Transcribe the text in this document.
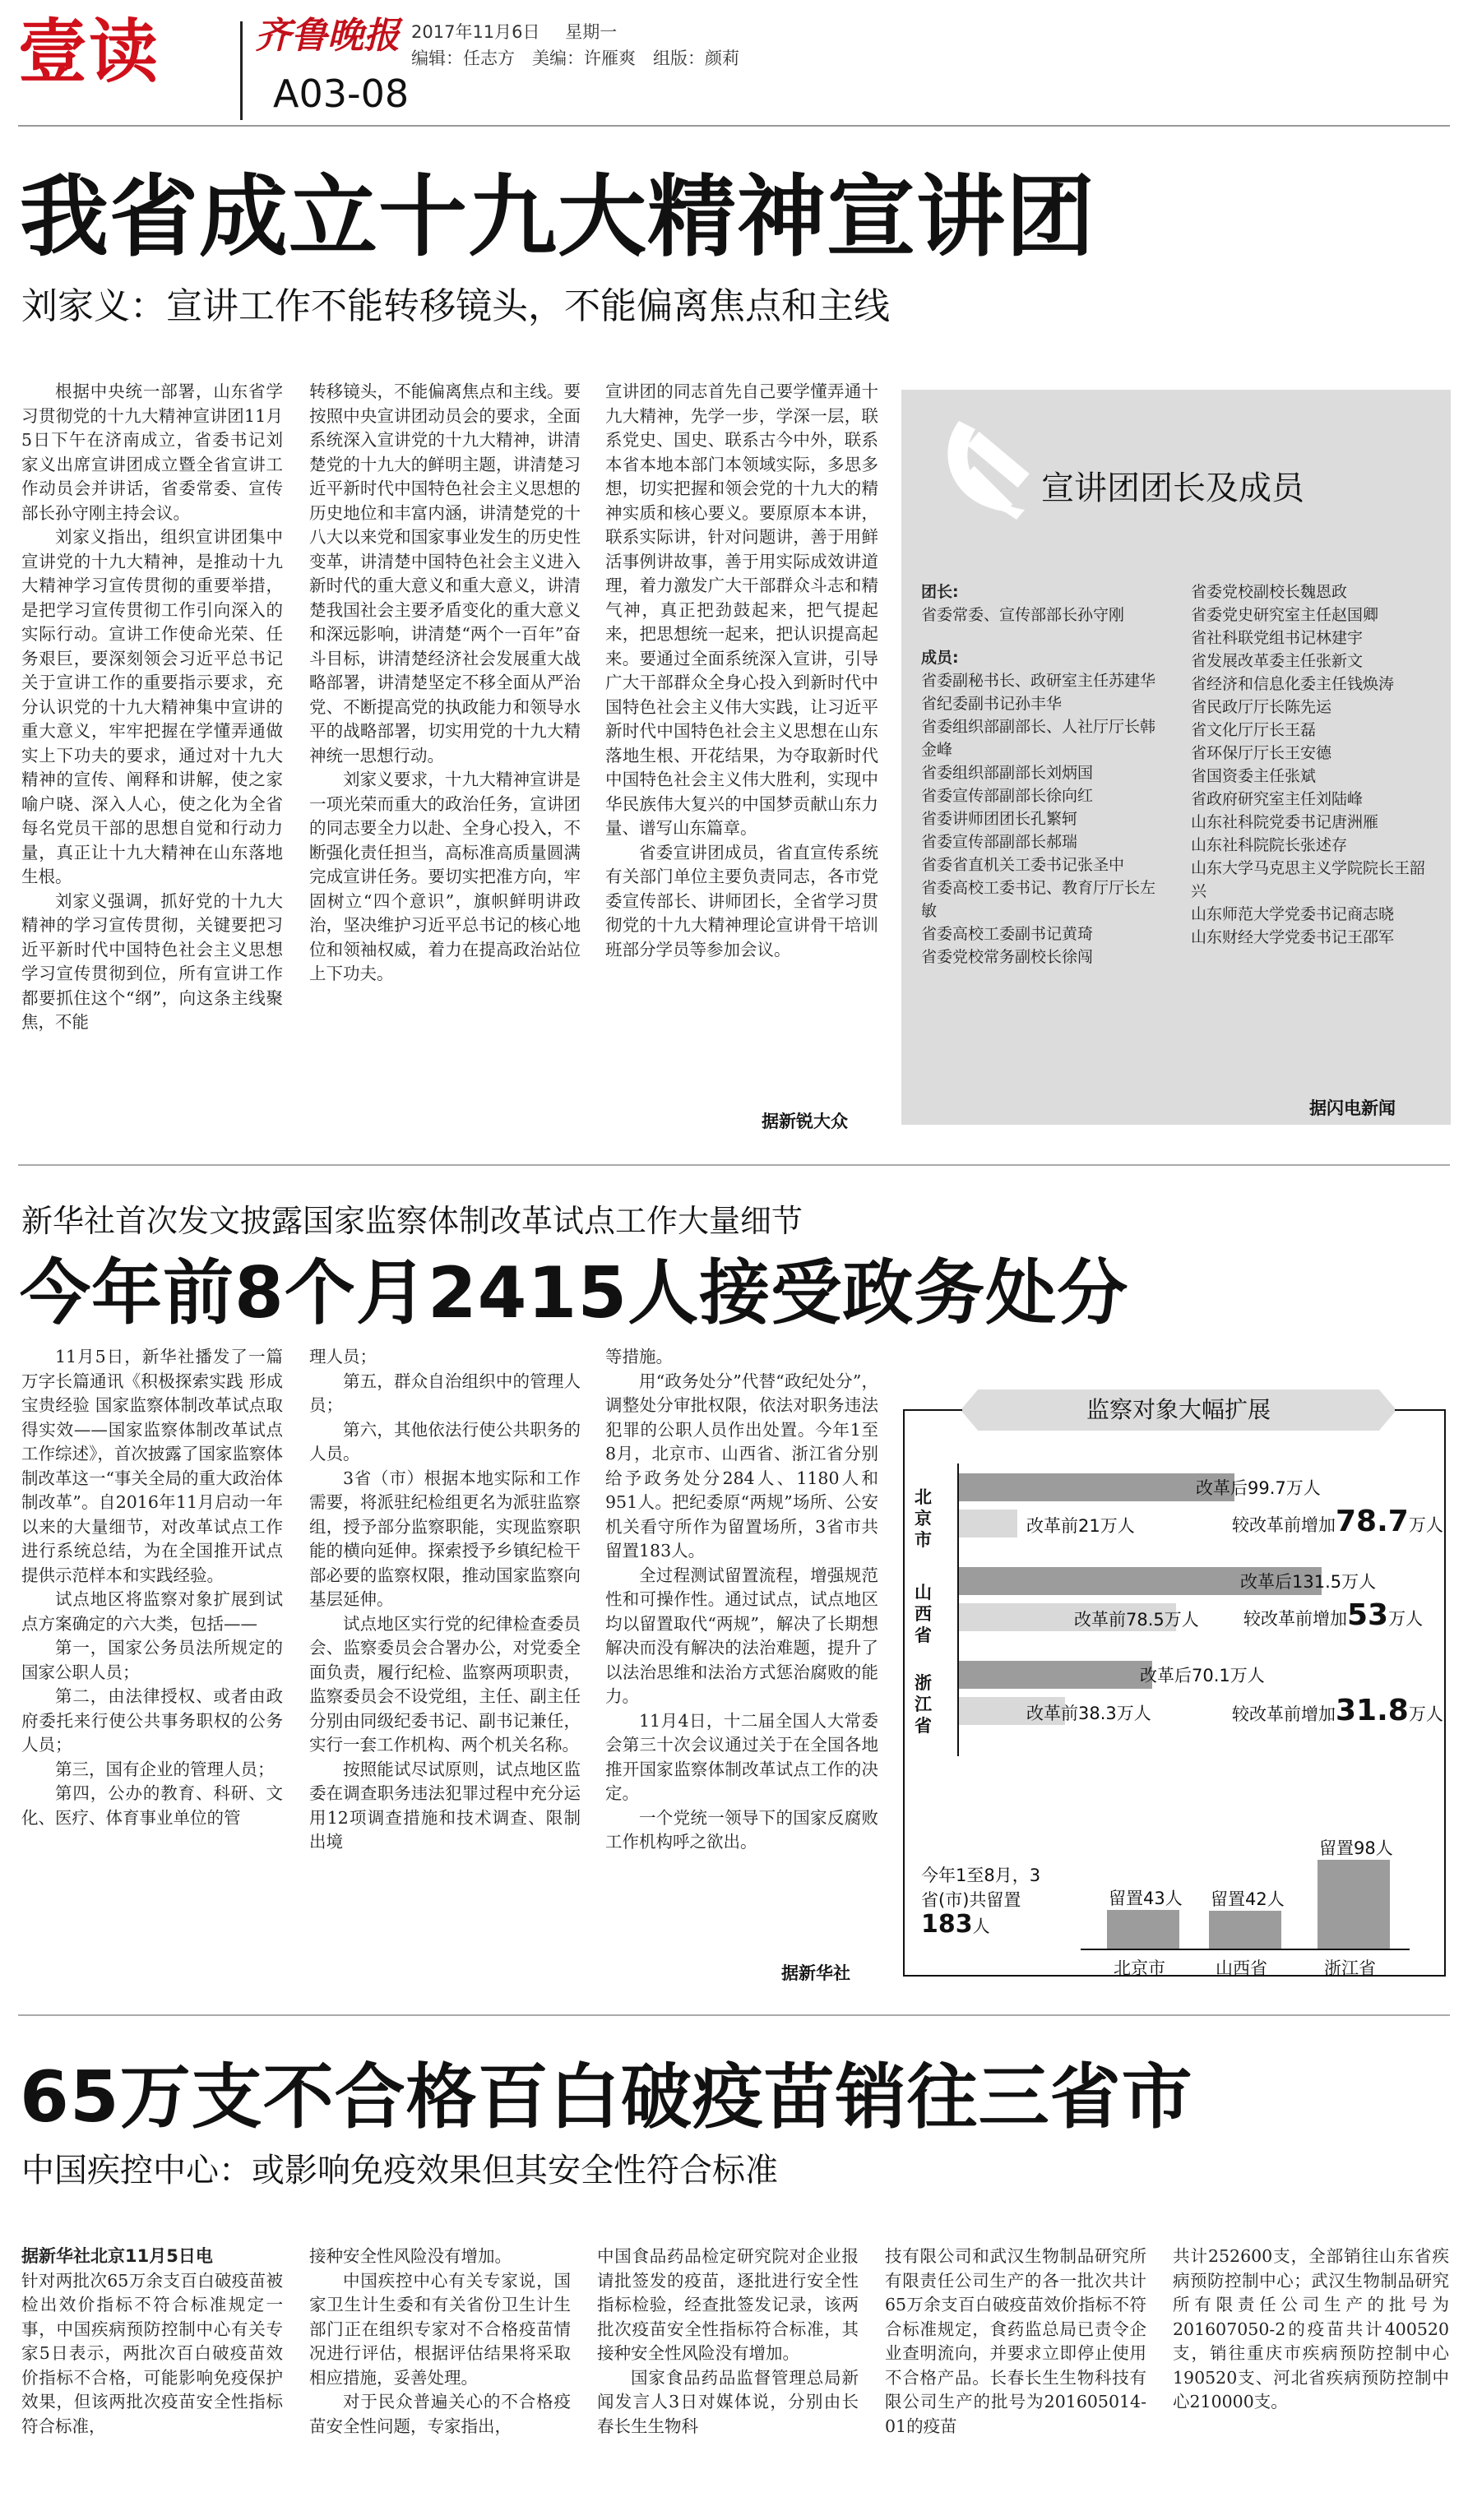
壹读	齐鲁晚报 2017年11月6日 星期一
编辑：任志方　美编：许雁爽　组版：颜莉
A03-08
我省成立十九大精神宣讲团
刘家义：宣讲工作不能转移镜头，不能偏离焦点和主线

根据中央统一部署，山东省学习贯彻党的十九大精神宣讲团11月5日下午在济南成立，省委书记刘家义出席宣讲团成立暨全省宣讲工作动员会并讲话，省委常委、宣传部长孙守刚主持会议。

刘家义指出，组织宣讲团集中宣讲党的十九大精神，是推动十九大精神学习宣传贯彻的重要举措，是把学习宣传贯彻工作引向深入的实际行动。宣讲工作使命光荣、任务艰巨，要深刻领会习近平总书记关于宣讲工作的重要指示要求，充分认识党的十九大精神集中宣讲的重大意义，牢牢把握在学懂弄通做实上下功夫的要求，通过对十九大精神的宣传、阐释和讲解，使之家喻户晓、深入人心，使之化为全省每名党员干部的思想自觉和行动力量，真正让十九大精神在山东落地生根。

刘家义强调，抓好党的十九大精神的学习宣传贯彻，关键要把习近平新时代中国特色社会主义思想学习宣传贯彻到位，所有宣讲工作都要抓住这个“纲”，向这条主线聚焦，不能

转移镜头，不能偏离焦点和主线。要按照中央宣讲团动员会的要求，全面系统深入宣讲党的十九大精神，讲清楚党的十九大的鲜明主题，讲清楚习近平新时代中国特色社会主义思想的历史地位和丰富内涵，讲清楚党的十八大以来党和国家事业发生的历史性变革，讲清楚中国特色社会主义进入新时代的重大意义和重大意义，讲清楚我国社会主要矛盾变化的重大意义和深远影响，讲清楚“两个一百年”奋斗目标，讲清楚经济社会发展重大战略部署，讲清楚坚定不移全面从严治党、不断提高党的执政能力和领导水平的战略部署，切实用党的十九大精神统一思想行动。

刘家义要求，十九大精神宣讲是一项光荣而重大的政治任务，宣讲团的同志要全力以赴、全身心投入，不断强化责任担当，高标准高质量圆满完成宣讲任务。要切实把准方向，牢固树立“四个意识”，旗帜鲜明讲政治，坚决维护习近平总书记的核心地位和领袖权威，着力在提高政治站位上下功夫。

宣讲团的同志首先自己要学懂弄通十九大精神，先学一步，学深一层，联系党史、国史、联系古今中外，联系本省本地本部门本领域实际，多思多想，切实把握和领会党的十九大的精神实质和核心要义。要原原本本讲，联系实际讲，针对问题讲，善于用鲜活事例讲故事，善于用实际成效讲道理，着力激发广大干部群众斗志和精气神，真正把劲鼓起来，把气提起来，把思想统一起来，把认识提高起来。要通过全面系统深入宣讲，引导广大干部群众全身心投入到新时代中国特色社会主义伟大实践，让习近平新时代中国特色社会主义思想在山东落地生根、开花结果，为夺取新时代中国特色社会主义伟大胜利，实现中华民族伟大复兴的中国梦贡献山东力量、谱写山东篇章。

省委宣讲团成员，省直宣传系统有关部门单位主要负责同志，各市党委宣传部长、讲师团长，全省学习贯彻党的十九大精神理论宣讲骨干培训班部分学员等参加会议。

据新锐大众
宣讲团团长及成员
团长:
省委常委、宣传部部长孙守刚
成员:
省委副秘书长、政研室主任苏建华
省纪委副书记孙丰华
省委组织部副部长、人社厅厅长韩金峰
省委组织部副部长刘炳国
省委宣传部副部长徐向红
省委讲师团团长孔繁轲
省委宣传部副部长郝瑞
省委省直机关工委书记张圣中
省委高校工委书记、教育厅厅长左敏
省委高校工委副书记黄琦
省委党校常务副校长徐闯
省委党校副校长魏恩政
省委党史研究室主任赵国卿
省社科联党组书记林建宇
省发展改革委主任张新文
省经济和信息化委主任钱焕涛
省民政厅厅长陈先运
省文化厅厅长王磊
省环保厅厅长王安德
省国资委主任张斌
省政府研究室主任刘陆峰
山东社科院党委书记唐洲雁
山东社科院院长张述存
山东大学马克思主义学院院长王韶兴
山东师范大学党委书记商志晓
山东财经大学党委书记王邵军
据闪电新闻
新华社首次发文披露国家监察体制改革试点工作大量细节
今年前8个月2415人接受政务处分

11月5日，新华社播发了一篇万字长篇通讯《积极探索实践 形成宝贵经验 国家监察体制改革试点取得实效——国家监察体制改革试点工作综述》，首次披露了国家监察体制改革这一“事关全局的重大政治体制改革”。自2016年11月启动一年以来的大量细节，对改革试点工作进行系统总结，为在全国推开试点提供示范样本和实践经验。

试点地区将监察对象扩展到试点方案确定的六大类，包括——

第一，国家公务员法所规定的国家公职人员；

第二，由法律授权、或者由政府委托来行使公共事务职权的公务人员；

第三，国有企业的管理人员；

第四，公办的教育、科研、文化、医疗、体育事业单位的管

理人员；

第五，群众自治组织中的管理人员；

第六，其他依法行使公共职务的人员。

3省（市）根据本地实际和工作需要，将派驻纪检组更名为派驻监察组，授予部分监察职能，实现监察职能的横向延伸。探索授予乡镇纪检干部必要的监察权限，推动国家监察向基层延伸。

试点地区实行党的纪律检查委员会、监察委员会合署办公，对党委全面负责，履行纪检、监察两项职责，监察委员会不设党组，主任、副主任分别由同级纪委书记、副书记兼任，实行一套工作机构、两个机关名称。

按照能试尽试原则，试点地区监委在调查职务违法犯罪过程中充分运用12项调查措施和技术调查、限制出境

等措施。

用“政务处分”代替“政纪处分”，调整处分审批权限，依法对职务违法犯罪的公职人员作出处置。今年1至8月，北京市、山西省、浙江省分别给予政务处分284人、1180人和951人。把纪委原“两规”场所、公安机关看守所作为留置场所，3省市共留置183人。

全过程测试留置流程，增强规范性和可操作性。通过试点，试点地区均以留置取代“两规”，解决了长期想解决而没有解决的法治难题，提升了以法治思维和法治方式惩治腐败的能力。

11月4日，十二届全国人大常委会第三十次会议通过关于在全国各地推开国家监察体制改革试点工作的决定。

一个党统一领导下的国家反腐败工作机构呼之欲出。

据新华社
监察对象大幅扩展
北
京
市
改革后99.7万人
改革前21万人	较改革前增加78.7万人
山
西
省
改革后131.5万人
改革前78.5万人	较改革前增加53万人
浙
江
省
改革后70.1万人
改革前38.3万人	较改革前增加31.8万人
今年1至8月，3
省(市)共留置
183人
留置43人 留置42人
留置98人
北京市	山西省	浙江省
65万支不合格百白破疫苗销往三省市
中国疾控中心：或影响免疫效果但其安全性符合标准

据新华社北京11月5日电

针对两批次65万余支百白破疫苗被检出效价指标不符合标准规定一事，中国疾病预防控制中心有关专家5日表示，两批次百白破疫苗效价指标不合格，可能影响免疫保护效果，但该两批次疫苗安全性指标符合标准，

接种安全性风险没有增加。

中国疾控中心有关专家说，国家卫生计生委和有关省份卫生计生部门正在组织专家对不合格疫苗情况进行评估，根据评估结果将采取相应措施，妥善处理。

对于民众普遍关心的不合格疫苗安全性问题，专家指出，

中国食品药品检定研究院对企业报请批签发的疫苗，逐批进行安全性指标检验，经查批签发记录，该两批次疫苗安全性指标符合标准，其接种安全性风险没有增加。

国家食品药品监督管理总局新闻发言人3日对媒体说，分别由长春长生生物科

技有限公司和武汉生物制品研究所有限责任公司生产的各一批次共计65万余支百白破疫苗效价指标不符合标准规定，食药监总局已责令企业查明流向，并要求立即停止使用不合格产品。长春长生生物科技有限公司生产的批号为201605014-01的疫苗

共计252600支，全部销往山东省疾病预防控制中心；武汉生物制品研究所有限责任公司生产的批号为201607050-2的疫苗共计400520支，销往重庆市疾病预防控制中心190520支、河北省疾病预防控制中心210000支。
